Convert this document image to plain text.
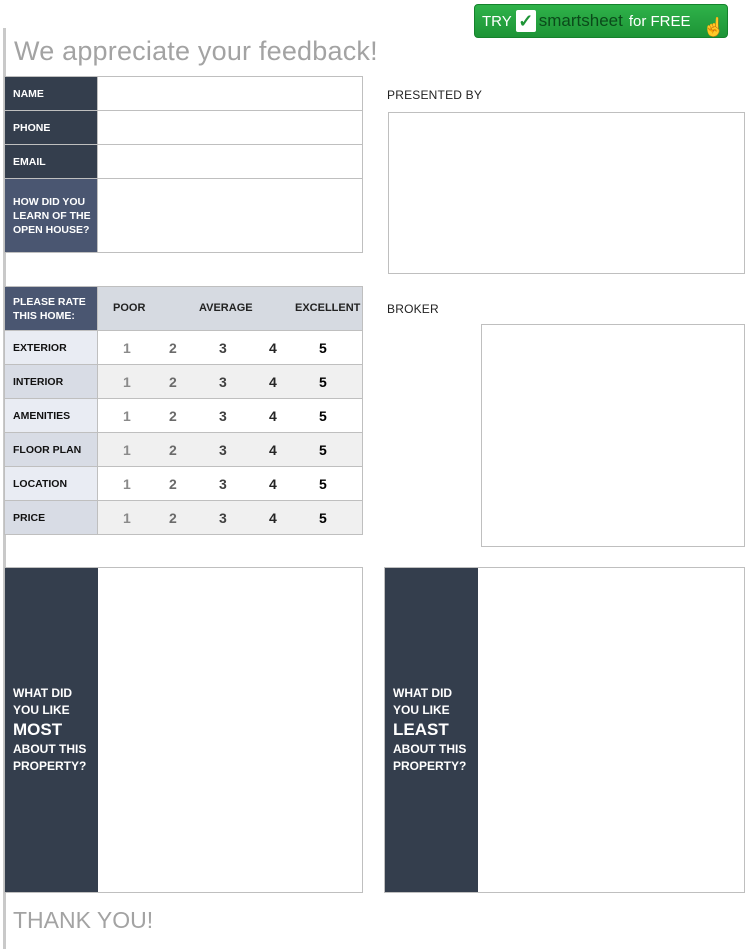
TRY ✓ smartsheet for FREE ☝
We appreciate your feedback!
NAME	
PHONE	
EMAIL	
HOW DID YOU LEARN OF THE OPEN HOUSE?	
PLEASE RATE THIS HOME:	POOR AVERAGE EXCELLENT

EXTERIOR	1 2 3 4 5

INTERIOR	1 2 3 4 5

AMENITIES	1 2 3 4 5

FLOOR PLAN	1 2 3 4 5

LOCATION	1 2 3 4 5

PRICE	1 2 3 4 5
PRESENTED BY
BROKER
WHAT DID YOU LIKE
MOST
ABOUT THIS PROPERTY?
WHAT DID YOU LIKE
LEAST
ABOUT THIS PROPERTY?
THANK YOU!
